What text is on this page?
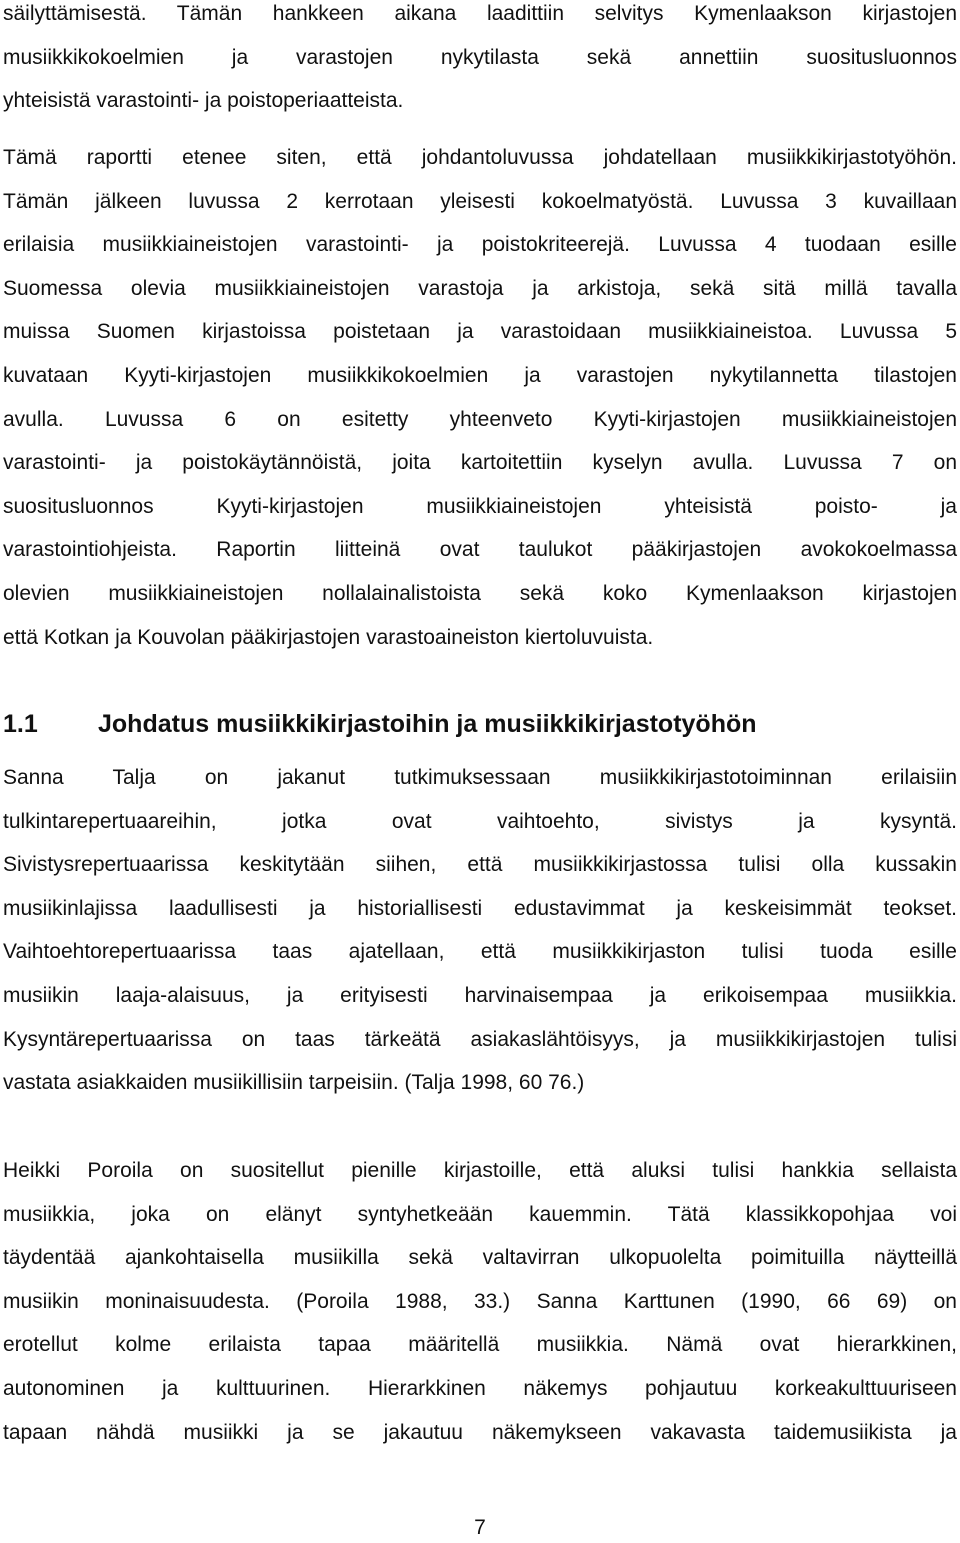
säilyttämisestä. Tämän hankkeen aikana laadittiin selvitys Kymenlaakson kirjastojen
musiikkikokoelmien ja varastojen nykytilasta sekä annettiin suositusluonnos
yhteisistä varastointi- ja poistoperiaatteista.
Tämä raportti etenee siten, että johdantoluvussa johdatellaan musiikkikirjastotyöhön.
Tämän jälkeen luvussa 2 kerrotaan yleisesti kokoelmatyöstä. Luvussa 3 kuvaillaan
erilaisia musiikkiaineistojen varastointi- ja poistokriteerejä. Luvussa 4 tuodaan esille
Suomessa olevia musiikkiaineistojen varastoja ja arkistoja, sekä sitä millä tavalla
muissa Suomen kirjastoissa poistetaan ja varastoidaan musiikkiaineistoa. Luvussa 5
kuvataan Kyyti-kirjastojen musiikkikokoelmien ja varastojen nykytilannetta tilastojen
avulla. Luvussa 6 on esitetty yhteenveto Kyyti-kirjastojen musiikkiaineistojen
varastointi- ja poistokäytännöistä, joita kartoitettiin kyselyn avulla. Luvussa 7 on
suositusluonnos Kyyti-kirjastojen musiikkiaineistojen yhteisistä poisto- ja
varastointiohjeista. Raportin liitteinä ovat taulukot pääkirjastojen avokokoelmassa
olevien musiikkiaineistojen nollalainalistoista sekä koko Kymenlaakson kirjastojen
että Kotkan ja Kouvolan pääkirjastojen varastoaineiston kiertoluvuista.
1.1 Johdatus musiikkikirjastoihin ja musiikkikirjastotyöhön
Sanna Talja on jakanut tutkimuksessaan musiikkikirjastotoiminnan erilaisiin
tulkintarepertuaareihin, jotka ovat vaihtoehto, sivistys ja kysyntä.
Sivistysrepertuaarissa keskitytään siihen, että musiikkikirjastossa tulisi olla kussakin
musiikinlajissa laadullisesti ja historiallisesti edustavimmat ja keskeisimmät teokset.
Vaihtoehtorepertuaarissa taas ajatellaan, että musiikkikirjaston tulisi tuoda esille
musiikin laaja-alaisuus, ja erityisesti harvinaisempaa ja erikoisempaa musiikkia.
Kysyntärepertuaarissa on taas tärkeätä asiakaslähtöisyys, ja musiikkikirjastojen tulisi
vastata asiakkaiden musiikillisiin tarpeisiin. (Talja 1998, 60 76.)
Heikki Poroila on suositellut pienille kirjastoille, että aluksi tulisi hankkia sellaista
musiikkia, joka on elänyt syntyhetkeään kauemmin. Tätä klassikkopohjaa voi
täydentää ajankohtaisella musiikilla sekä valtavirran ulkopuolelta poimituilla näytteillä
musiikin moninaisuudesta. (Poroila 1988, 33.) Sanna Karttunen (1990, 66 69) on
erotellut kolme erilaista tapaa määritellä musiikkia. Nämä ovat hierarkkinen,
autonominen ja kulttuurinen. Hierarkkinen näkemys pohjautuu korkeakulttuuriseen
tapaan nähdä musiikki ja se jakautuu näkemykseen vakavasta taidemusiikista ja
7
